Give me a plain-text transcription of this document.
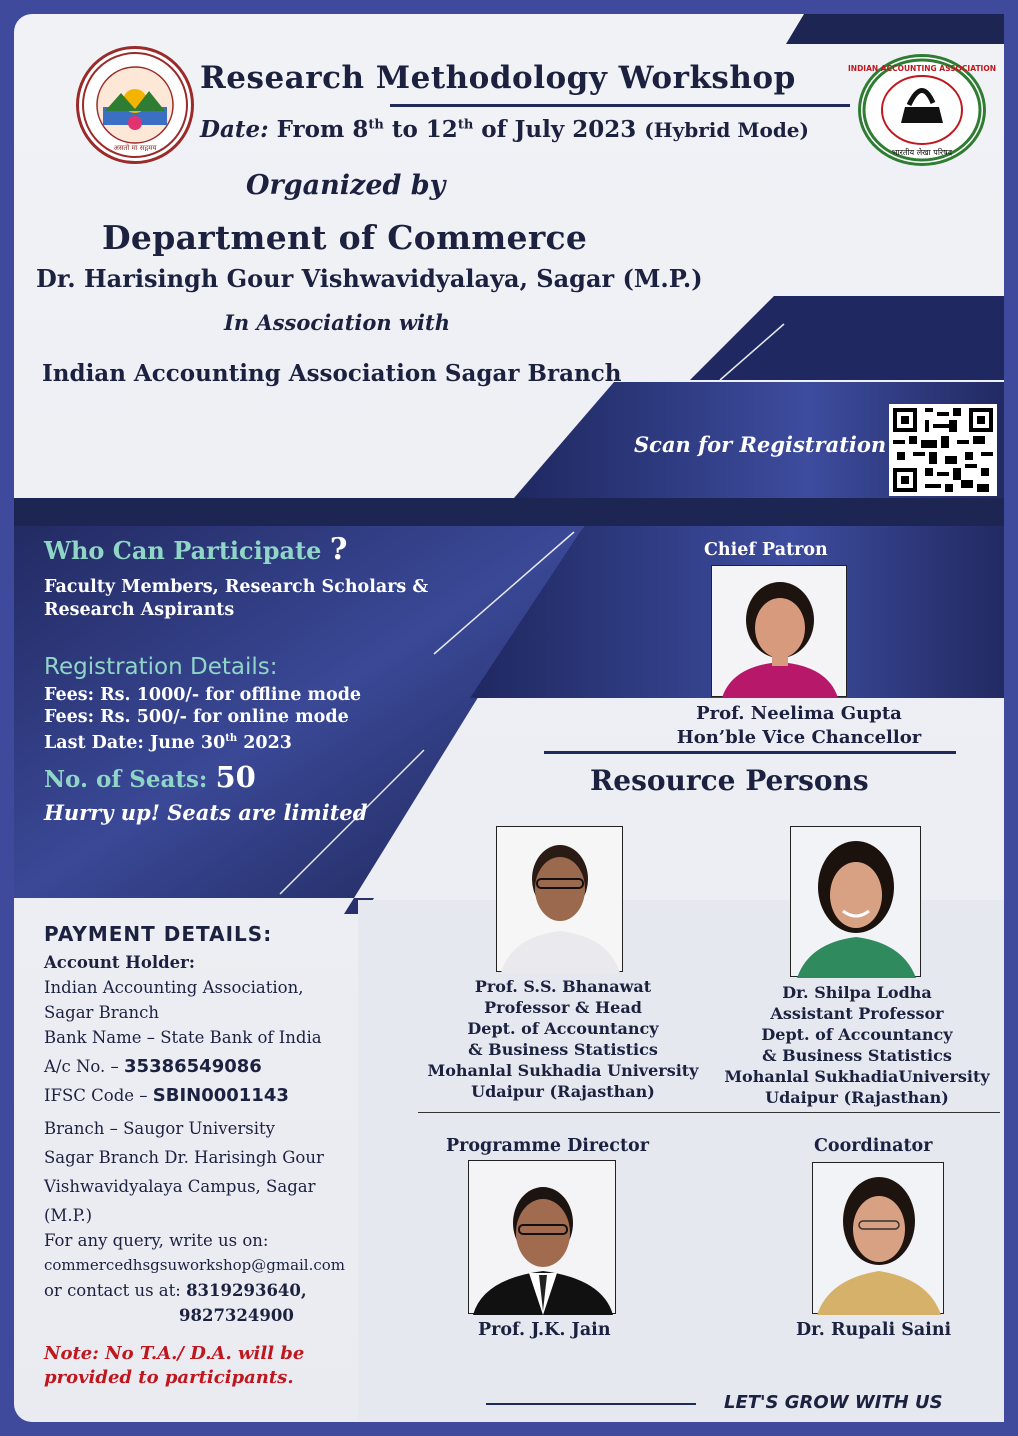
असतो मा सद्गमय
INDIAN ACCOUNTING ASSOCIATION
भारतीय लेखा परिषद
Research Methodology Workshop
Date: From 8th to 12th of July 2023 (Hybrid Mode)
Organized by
Department of Commerce
Dr. Harisingh Gour Vishwavidyalaya, Sagar (M.P.)
In Association with
Indian Accounting Association Sagar Branch
Scan for Registration
Who Can Participate ?
Faculty Members, Research Scholars & Research Aspirants
Registration Details:
Fees: Rs. 1000/- for offline mode
Fees: Rs. 500/- for online mode
Last Date: June 30th 2023
No. of Seats: 50
Hurry up! Seats are limited
Chief Patron
Prof. Neelima Gupta
Hon’ble Vice Chancellor
Resource Persons
Prof. S.S. Bhanawat
Professor & Head
Dept. of Accountancy
& Business Statistics
Mohanlal Sukhadia University
Udaipur (Rajasthan)
Dr. Shilpa Lodha
Assistant Professor
Dept. of Accountancy
& Business Statistics
Mohanlal SukhadiaUniversity
Udaipur (Rajasthan)
Programme Director
Prof. J.K. Jain
Coordinator
Dr. Rupali Saini
PAYMENT DETAILS:
Account Holder:
Indian Accounting Association,
Sagar Branch
Bank Name – State Bank of India
A/c No. – 35386549086
IFSC Code – SBIN0001143
Branch – Saugor University
Sagar Branch Dr. Harisingh Gour
Vishwavidyalaya Campus, Sagar
(M.P.)
For any query, write us on:
commercedhsgsuworkshop@gmail.com
or contact us at: 8319293640,
9827324900
Note: No T.A./ D.A. will be provided to participants.
LET'S GROW WITH US
